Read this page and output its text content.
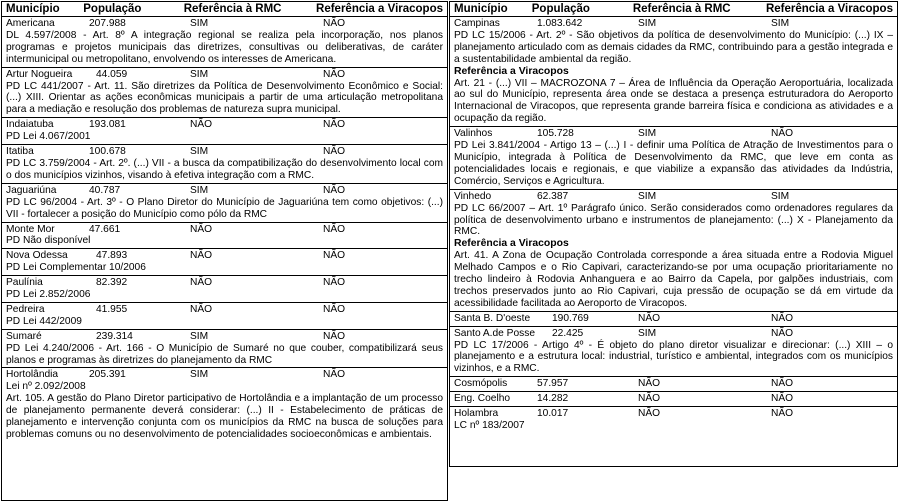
Município	População	Referência à RMC	Referência a Viracopos
Americana	207.988	SIM	NÃO
DL 4.597/2008 - Art. 8º A integração regional se realiza pela incorporação, nos planos programas e projetos municipais das diretrizes, consultivas ou deliberativas, de caráter intermunicipal ou metropolitano, envolvendo os interesses de Americana.
Artur Nogueira	44.059	SIM	NÃO
PD LC 441/2007 - Art. 11. São diretrizes da Política de Desenvolvimento Econômico e Social: (...) XIII. Orientar as ações econômicas municipais a partir de uma articulação metropolitana para a mediação e resolução dos problemas de natureza supra municipal.
Indaiatuba	193.081	NÃO	NÃO
PD Lei 4.067/2001
Itatiba	100.678	SIM	NÃO
PD LC 3.759/2004 - Art. 2º. (...) VII - a busca da compatibilização do desenvolvimento local com o dos municípios vizinhos, visando à efetiva integração com a RMC.
Jaguariúna	40.787	SIM	NÃO
PD LC 96/2004 - Art. 3º - O Plano Diretor do Município de Jaguariúna tem como objetivos: (...) VII - fortalecer a posição do Município como pólo da RMC
Monte Mor	47.661	NÃO	NÃO
PD Não disponível
Nova Odessa	47.893	NÃO	NÃO
PD Lei Complementar 10/2006
Paulínia	82.392	NÃO	NÃO
PD Lei 2.852/2006
Pedreira	41.955	NÃO	NÃO
PD Lei 442/2009
Sumaré	239.314	SIM	NÃO
PD Lei 4.240/2006 - Art. 166 - O Município de Sumaré no que couber, compatibilizará seus planos e programas às diretrizes do planejamento da RMC
Hortolândia	205.391	SIM	NÃO
Lei nº 2.092/2008
Art. 105. A gestão do Plano Diretor participativo de Hortolândia e a implantação de um processo de planejamento permanente deverá considerar: (...) II - Estabelecimento de práticas de planejamento e intervenção conjunta com os municípios da RMC na busca de soluções para problemas comuns ou no desenvolvimento de potencialidades socioeconômicas e ambientais.
Município	População	Referência à RMC	Referência a Viracopos
Campinas	1.083.642	SIM	SIM
PD LC 15/2006 - Art. 2º - São objetivos da política de desenvolvimento do Município: (...) IX – planejamento articulado com as demais cidades da RMC, contribuindo para a gestão integrada e a sustentabilidade ambiental da região.
Referência a Viracopos
Art. 21 - (...) VII – MACROZONA 7 – Área de Influência da Operação Aeroportuária, localizada ao sul do Município, representa área onde se destaca a presença estruturadora do Aeroporto Internacional de Viracopos, que representa grande barreira física e condiciona as atividades e a ocupação da região.
Valinhos	105.728	SIM	NÃO
PD Lei 3.841/2004 - Artigo 13 – (...) I - definir uma Política de Atração de Investimentos para o Município, integrada à Política de Desenvolvimento da RMC, que leve em conta as potencialidades locais e regionais, e que viabilize a expansão das atividades da Indústria, Comércio, Serviços e Agricultura.
Vinhedo	62.387	SIM	SIM
PD LC 66/2007 – Art. 1º Parágrafo único. Serão considerados como ordenadores regulares da política de desenvolvimento urbano e instrumentos de planejamento: (...) X - Planejamento da RMC.
Referência a Viracopos
Art. 41. A Zona de Ocupação Controlada corresponde a área situada entre a Rodovia Miguel Melhado Campos e o Rio Capivari, caracterizando-se por uma ocupação prioritariamente no trecho lindeiro à Rodovia Anhanguera e ao Bairro da Capela, por galpões industriais, com trechos preservados junto ao Rio Capivari, cuja pressão de ocupação se dá em virtude da acessibilidade facilitada ao Aeroporto de Viracopos.
Santa B. D'oeste	190.769	NÃO	NÃO
Santo A.de Posse	22.425	SIM	NÃO
PD LC 17/2006 - Artigo 4º - É objeto do plano diretor visualizar e direcionar: (...) XIII – o planejamento e a estrutura local: industrial, turístico e ambiental, integrados com os municípios vizinhos, e a RMC.
Cosmópolis	57.957	NÃO	NÃO
Eng. Coelho	14.282	NÃO	NÃO
Holambra	10.017	NÃO	NÃO
LC nº 183/2007
